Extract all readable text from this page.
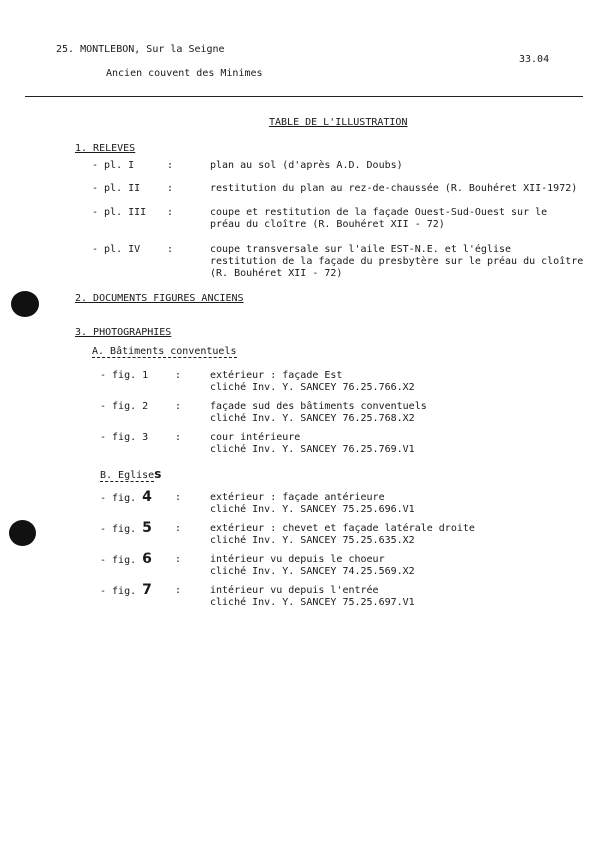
25. MONTLEBON, Sur la Seigne
Ancien couvent des Minimes
33.04
TABLE DE L'ILLUSTRATION
1. RELEVES
- pl. I	:	plan au sol (d'après A.D. Doubs)
- pl. II	:	restitution du plan au rez-de-chaussée (R. Bouhéret XII-1972)
- pl. III :	coupe et restitution de la façade Ouest-Sud-Ouest sur le
préau du cloître (R. Bouhéret XII - 72)
- pl. IV	:	coupe transversale sur l'aile EST-N.E. et l'église
restitution de la façade du presbytère sur le préau du cloître
(R. Bouhéret XII - 72)
2. DOCUMENTS FIGURES ANCIENS
3. PHOTOGRAPHIES
A. Bâtiments conventuels
- fig. 1	:	extérieur : façade Est
cliché Inv. Y. SANCEY 76.25.766.X2
- fig. 2	:	façade sud des bâtiments conventuels
cliché Inv. Y. SANCEY 76.25.768.X2
- fig. 3	:	cour intérieure
cliché Inv. Y. SANCEY 76.25.769.V1
B. Eglises
- fig. 4 :	extérieur : façade antérieure
cliché Inv. Y. SANCEY 75.25.696.V1
- fig. 5 :	extérieur : chevet et façade latérale droite
cliché Inv. Y. SANCEY 75.25.635.X2
- fig. 6 :	intérieur vu depuis le choeur
cliché Inv. Y. SANCEY 74.25.569.X2
- fig. 7 :	intérieur vu depuis l'entrée
cliché Inv. Y. SANCEY 75.25.697.V1
